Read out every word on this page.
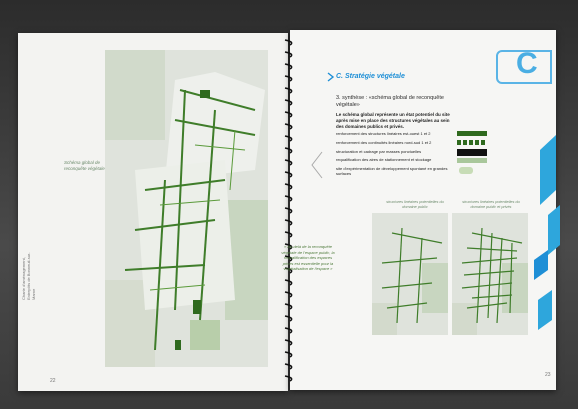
Schéma global de reconquête végétale
Charte d'aménagement, Entrepôts de Bonneuil-sur-Marne
22
C
C. Stratégie végétale
3. synthèse : «schéma global de reconquête végétale»
Le schéma global représente un état potentiel du site après mise en place des structures végétales au sein des domaines publics et privés.
renforcement des structures linéaires est-ouest 1 et 2
renforcement des continuités linéaires nord-sud 1 et 2
structuration et cadrage par masses ponctuelles
requalification des aires de stationnement et stockage
site d'expérimentation de développement spontané en grandes surfaces
« Au-delà de la reconquête végétale de l'espace public, la requalification des espaces privés est essentielle pour la végétalisation de l'espace »
structures linéaires potentielles du domaine public
structures linéaires potentielles du domaine public et privés
23
